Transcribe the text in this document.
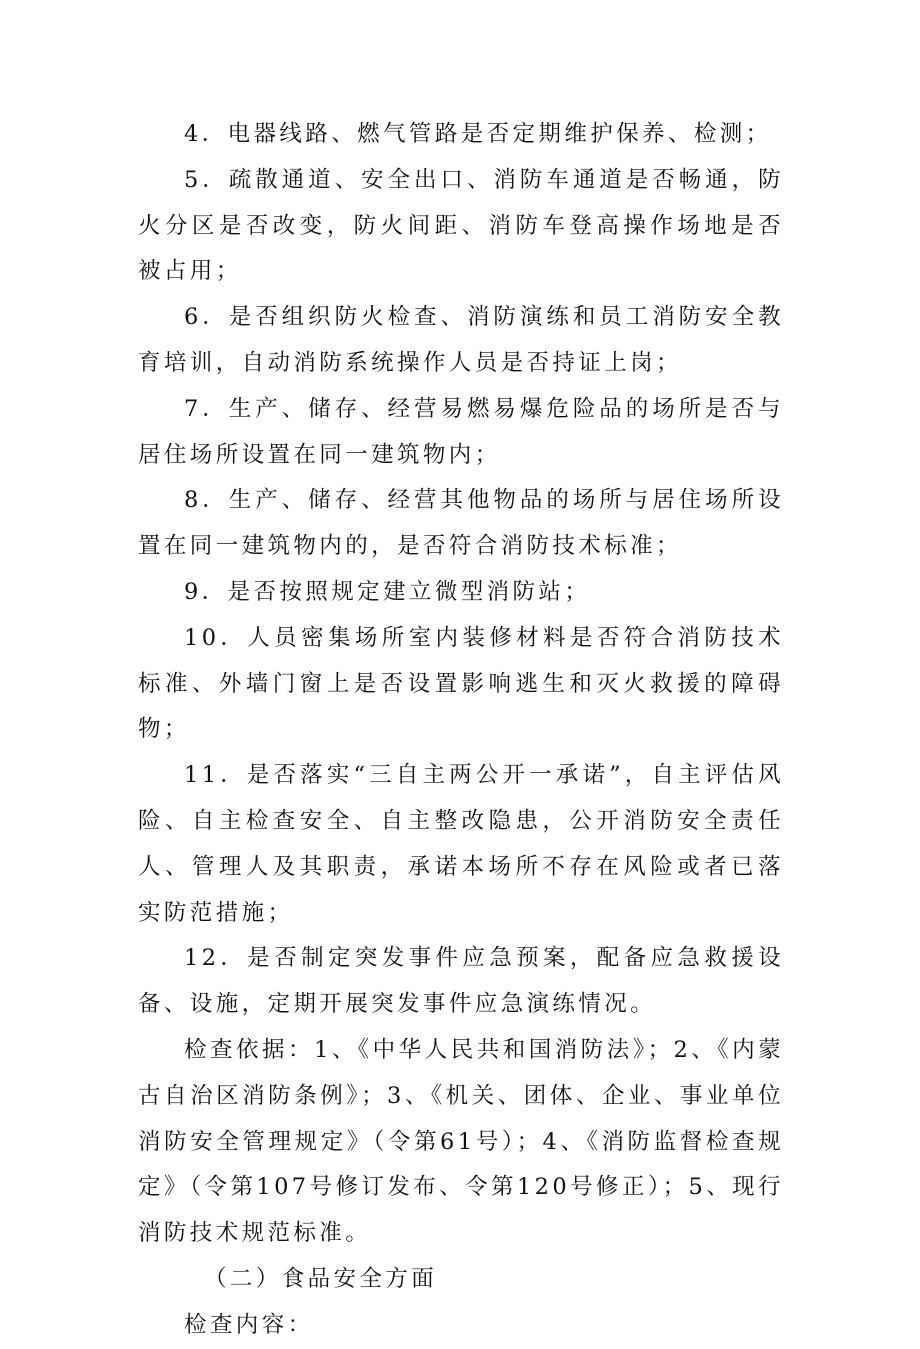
4．电器线路、燃气管路是否定期维护保养、检测；

5．疏散通道、安全出口、消防车通道是否畅通，防火分区是否改变，防火间距、消防车登高操作场地是否被占用；

6．是否组织防火检查、消防演练和员工消防安全教育培训，自动消防系统操作人员是否持证上岗；

7．生产、储存、经营易燃易爆危险品的场所是否与居住场所设置在同一建筑物内；

8．生产、储存、经营其他物品的场所与居住场所设置在同一建筑物内的，是否符合消防技术标准；

9．是否按照规定建立微型消防站；

10．人员密集场所室内装修材料是否符合消防技术标准、外墙门窗上是否设置影响逃生和灭火救援的障碍物；

11．是否落实“三自主两公开一承诺”，自主评估风险、自主检查安全、自主整改隐患，公开消防安全责任人、管理人及其职责，承诺本场所不存在风险或者已落实防范措施；

12．是否制定突发事件应急预案，配备应急救援设备、设施，定期开展突发事件应急演练情况。

检查依据：1、《中华人民共和国消防法》；2、《内蒙古自治区消防条例》；3、《机关、团体、企业、事业单位消防安全管理规定》（令第61号）；4、《消防监督检查规定》（令第107号修订发布、令第120号修正）；5、现行消防技术规范标准。

（二）食品安全方面

检查内容：
